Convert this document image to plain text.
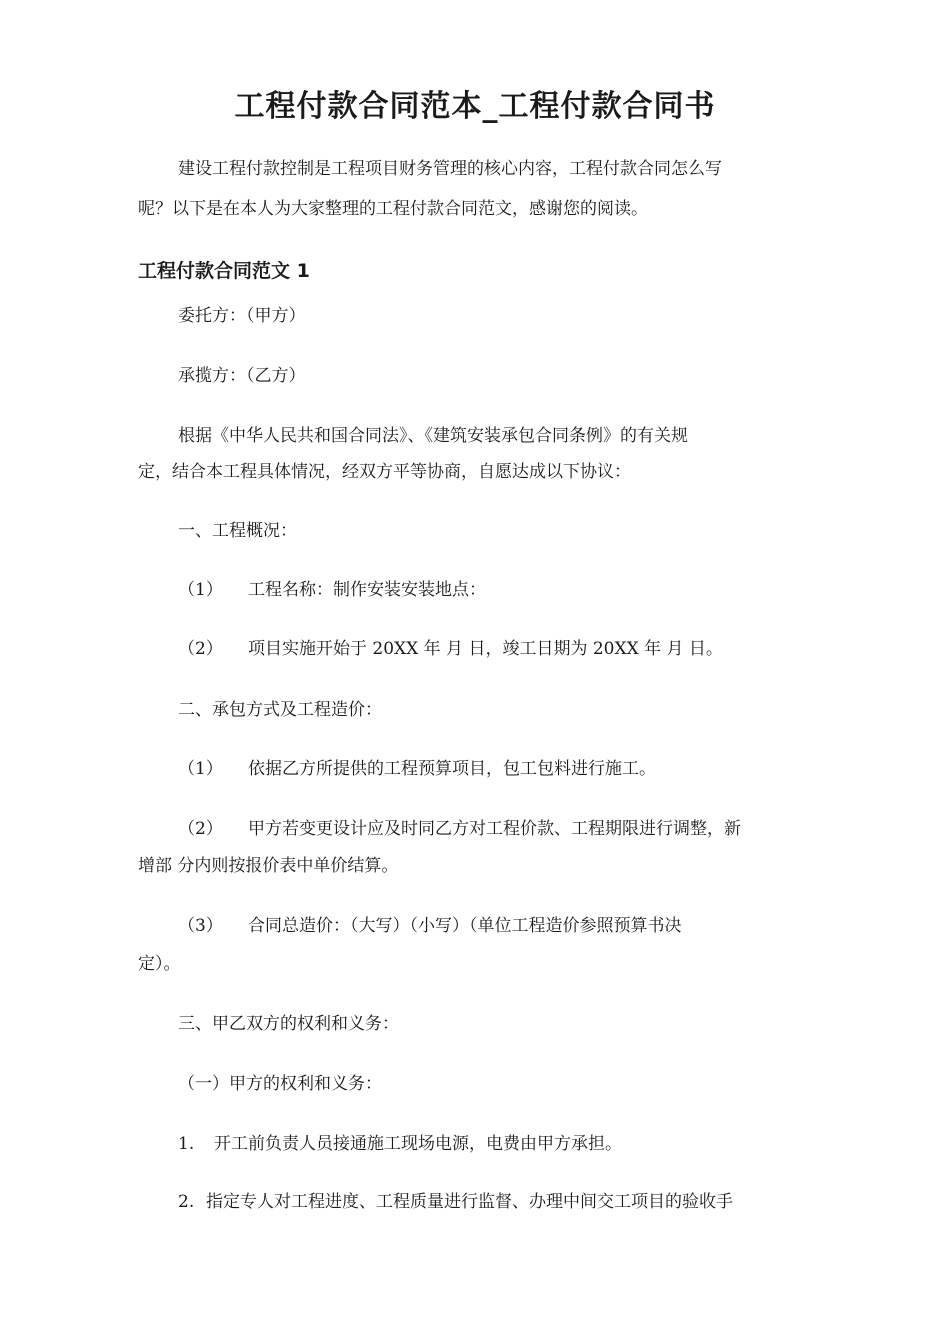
工程付款合同范本_工程付款合同书
建设工程付款控制是工程项目财务管理的核心内容，工程付款合同怎么写
呢？以下是在本人为大家整理的工程付款合同范文，感谢您的阅读。
工程付款合同范文 1
委托方：（甲方）
承揽方：（乙方）
根据《中华人民共和国合同法》、《建筑安装承包合同条例》的有关规
定，结合本工程具体情况，经双方平等协商，自愿达成以下协议：
一、工程概况：
（1） 工程名称：制作安装安装地点：
（2） 项目实施开始于 20XX 年 月 日，竣工日期为 20XX 年 月 日。
二、承包方式及工程造价：
（1） 依据乙方所提供的工程预算项目，包工包料进行施工。
（2） 甲方若变更设计应及时同乙方对工程价款、工程期限进行调整，新
增部 分内则按报价表中单价结算。
（3） 合同总造价：（大写）（小写）（单位工程造价参照预算书决
定）。
三、甲乙双方的权利和义务：
（一）甲方的权利和义务：
1. 开工前负责人员接通施工现场电源，电费由甲方承担。
2. 指定专人对工程进度、工程质量进行监督、办理中间交工项目的验收手
